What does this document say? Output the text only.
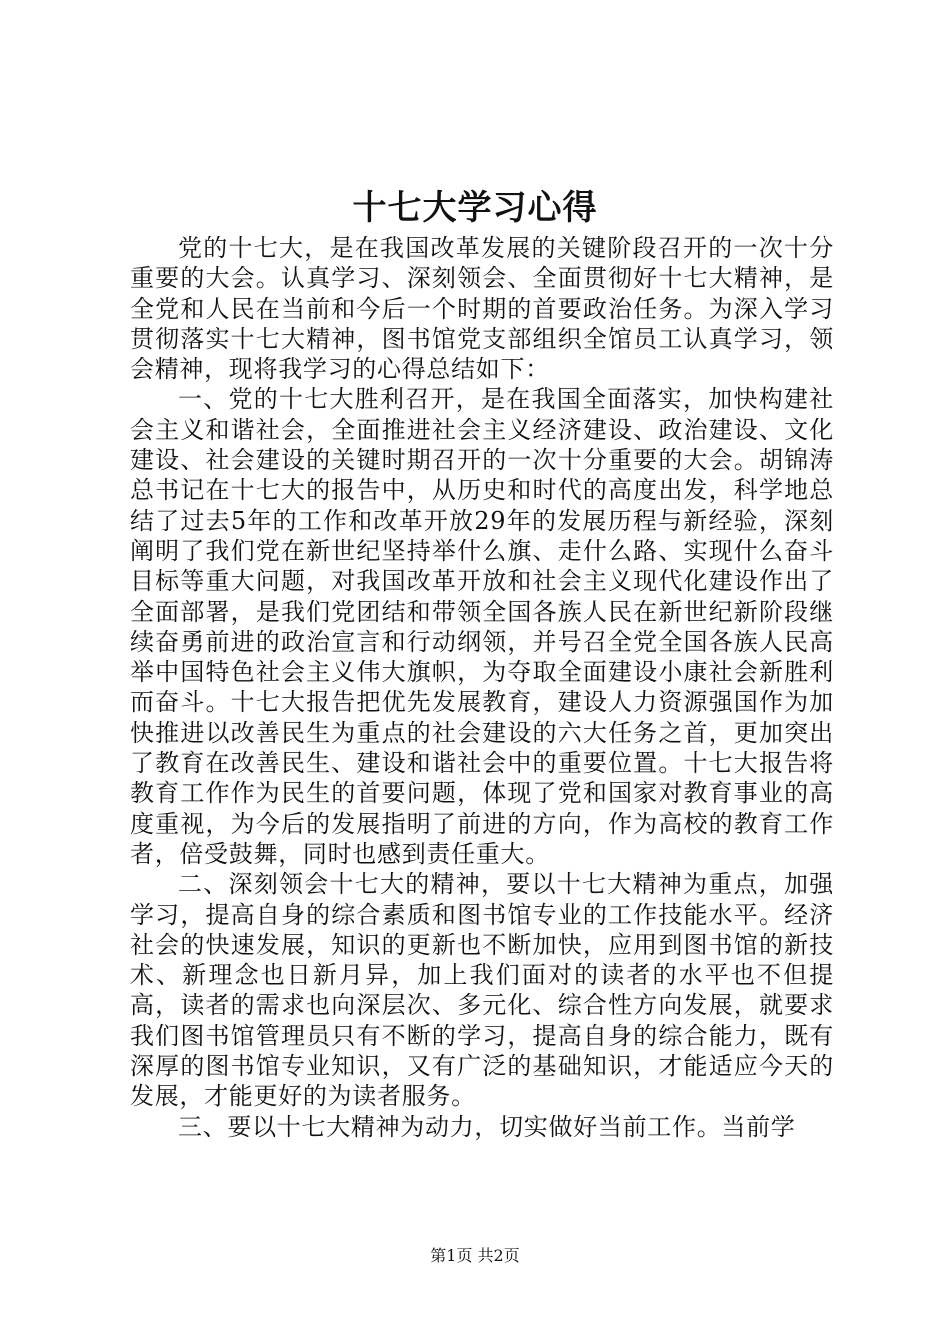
十七大学习心得

党的十七大，是在我国改革发展的关键阶段召开的一次十分重要的大会。认真学习、深刻领会、全面贯彻好十七大精神，是全党和人民在当前和今后一个时期的首要政治任务。为深入学习贯彻落实十七大精神，图书馆党支部组织全馆员工认真学习，领会精神，现将我学习的心得总结如下：

一、党的十七大胜利召开，是在我国全面落实，加快构建社会主义和谐社会，全面推进社会主义经济建设、政治建设、文化建设、社会建设的关键时期召开的一次十分重要的大会。胡锦涛总书记在十七大的报告中，从历史和时代的高度出发，科学地总结了过去5年的工作和改革开放29年的发展历程与新经验，深刻阐明了我们党在新世纪坚持举什么旗、走什么路、实现什么奋斗目标等重大问题，对我国改革开放和社会主义现代化建设作出了全面部署，是我们党团结和带领全国各族人民在新世纪新阶段继续奋勇前进的政治宣言和行动纲领，并号召全党全国各族人民高举中国特色社会主义伟大旗帜，为夺取全面建设小康社会新胜利而奋斗。十七大报告把优先发展教育，建设人力资源强国作为加快推进以改善民生为重点的社会建设的六大任务之首，更加突出了教育在改善民生、建设和谐社会中的重要位置。十七大报告将教育工作作为民生的首要问题，体现了党和国家对教育事业的高度重视，为今后的发展指明了前进的方向，作为高校的教育工作者，倍受鼓舞，同时也感到责任重大。

二、深刻领会十七大的精神，要以十七大精神为重点，加强学习，提高自身的综合素质和图书馆专业的工作技能水平。经济社会的快速发展，知识的更新也不断加快，应用到图书馆的新技术、新理念也日新月异，加上我们面对的读者的水平也不但提高，读者的需求也向深层次、多元化、综合性方向发展，就要求我们图书馆管理员只有不断的学习，提高自身的综合能力，既有深厚的图书馆专业知识，又有广泛的基础知识，才能适应今天的发展，才能更好的为读者服务。

三、要以十七大精神为动力，切实做好当前工作。当前学

第1页 共2页
